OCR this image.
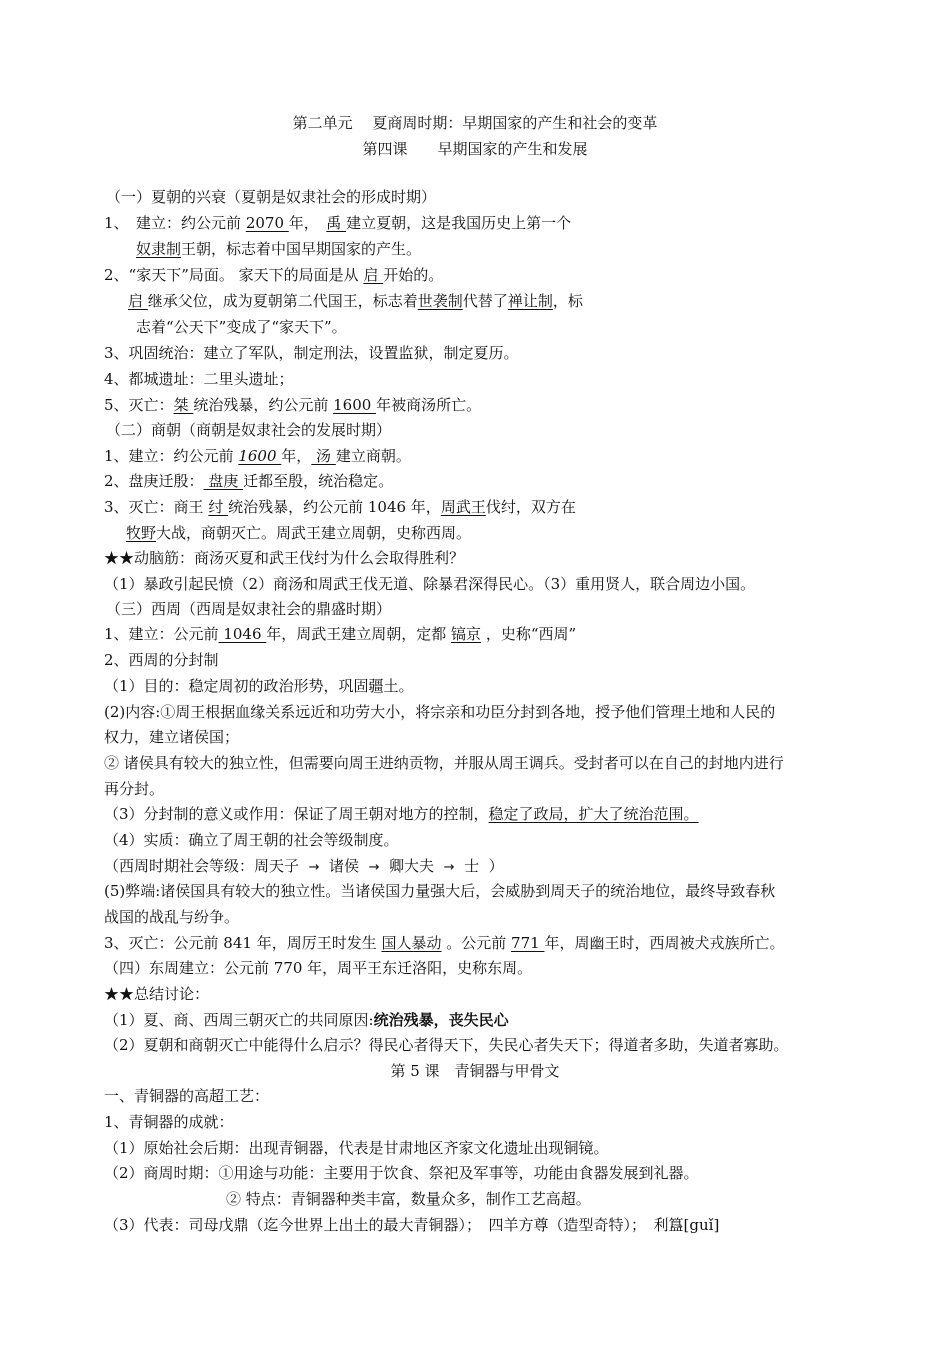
第二单元　 夏商周时期：早期国家的产生和社会的变革
第四课　　早期国家的产生和发展
（一）夏朝的兴衰（夏朝是奴隶社会的形成时期）
1、　建立：约公元前 2070 年，　禹 建立夏朝，这是我国历史上第一个
奴隶制王朝，标志着中国早期国家的产生。
2、“家天下”局面。 家天下的局面是从 启 开始的。
启 继承父位，成为夏朝第二代国王，标志着世袭制代替了禅让制，标
志着“公天下”变成了“家天下”。
3、巩固统治：建立了军队，制定刑法，设置监狱，制定夏历。
4、都城遗址：二里头遗址；
5、灭亡：桀 统治残暴，约公元前 1600 年被商汤所亡。
（二）商朝（商朝是奴隶社会的发展时期）
1、建立：约公元前 1600 年， 汤 建立商朝。
2、盘庚迁殷： 盘庚 迁都至殷，统治稳定。
3、灭亡：商王 纣 统治残暴，约公元前 1046 年，周武王伐纣，双方在
牧野大战，商朝灭亡。周武王建立周朝，史称西周。
★★动脑筋：商汤灭夏和武王伐纣为什么会取得胜利？
（1）暴政引起民愤（2）商汤和周武王伐无道、除暴君深得民心。（3）重用贤人，联合周边小国。
（三）西周（西周是奴隶社会的鼎盛时期）
1、建立：公元前 1046 年，周武王建立周朝，定都 镐京 ，史称“西周”
2、西周的分封制
（1）目的：稳定周初的政治形势，巩固疆土。
(2)内容:①周王根据血缘关系远近和功劳大小，将宗亲和功臣分封到各地，授予他们管理土地和人民的
权力，建立诸侯国；
② 诸侯具有较大的独立性，但需要向周王进纳贡物，并服从周王调兵。受封者可以在自己的封地内进行
再分封。
（3）分封制的意义或作用：保证了周王朝对地方的控制，稳定了政局，扩大了统治范围。
（4）实质：确立了周王朝的社会等级制度。
（西周时期社会等级：周天子 → 诸侯 → 卿大夫 → 士 ）
(5)弊端:诸侯国具有较大的独立性。当诸侯国力量强大后，会威胁到周天子的统治地位，最终导致春秋
战国的战乱与纷争。
3、灭亡：公元前 841 年，周厉王时发生 国人暴动 。公元前 771 年，周幽王时，西周被犬戎族所亡。
（四）东周建立：公元前 770 年，周平王东迁洛阳，史称东周。
★★总结讨论：
（1）夏、商、西周三朝灭亡的共同原因:统治残暴，丧失民心
（2）夏朝和商朝灭亡中能得什么启示？得民心者得天下，失民心者失天下；得道者多助，失道者寡助。
第 5 课　青铜器与甲骨文
一、青铜器的高超工艺：
1、青铜器的成就：
（1）原始社会后期：出现青铜器，代表是甘肃地区齐家文化遗址出现铜镜。
（2）商周时期：①用途与功能：主要用于饮食、祭祀及军事等，功能由食器发展到礼器。
② 特点：青铜器种类丰富，数量众多，制作工艺高超。
（3）代表：司母戊鼎（迄今世界上出土的最大青铜器）；　四羊方尊（造型奇特）；　利簋[guǐ]
